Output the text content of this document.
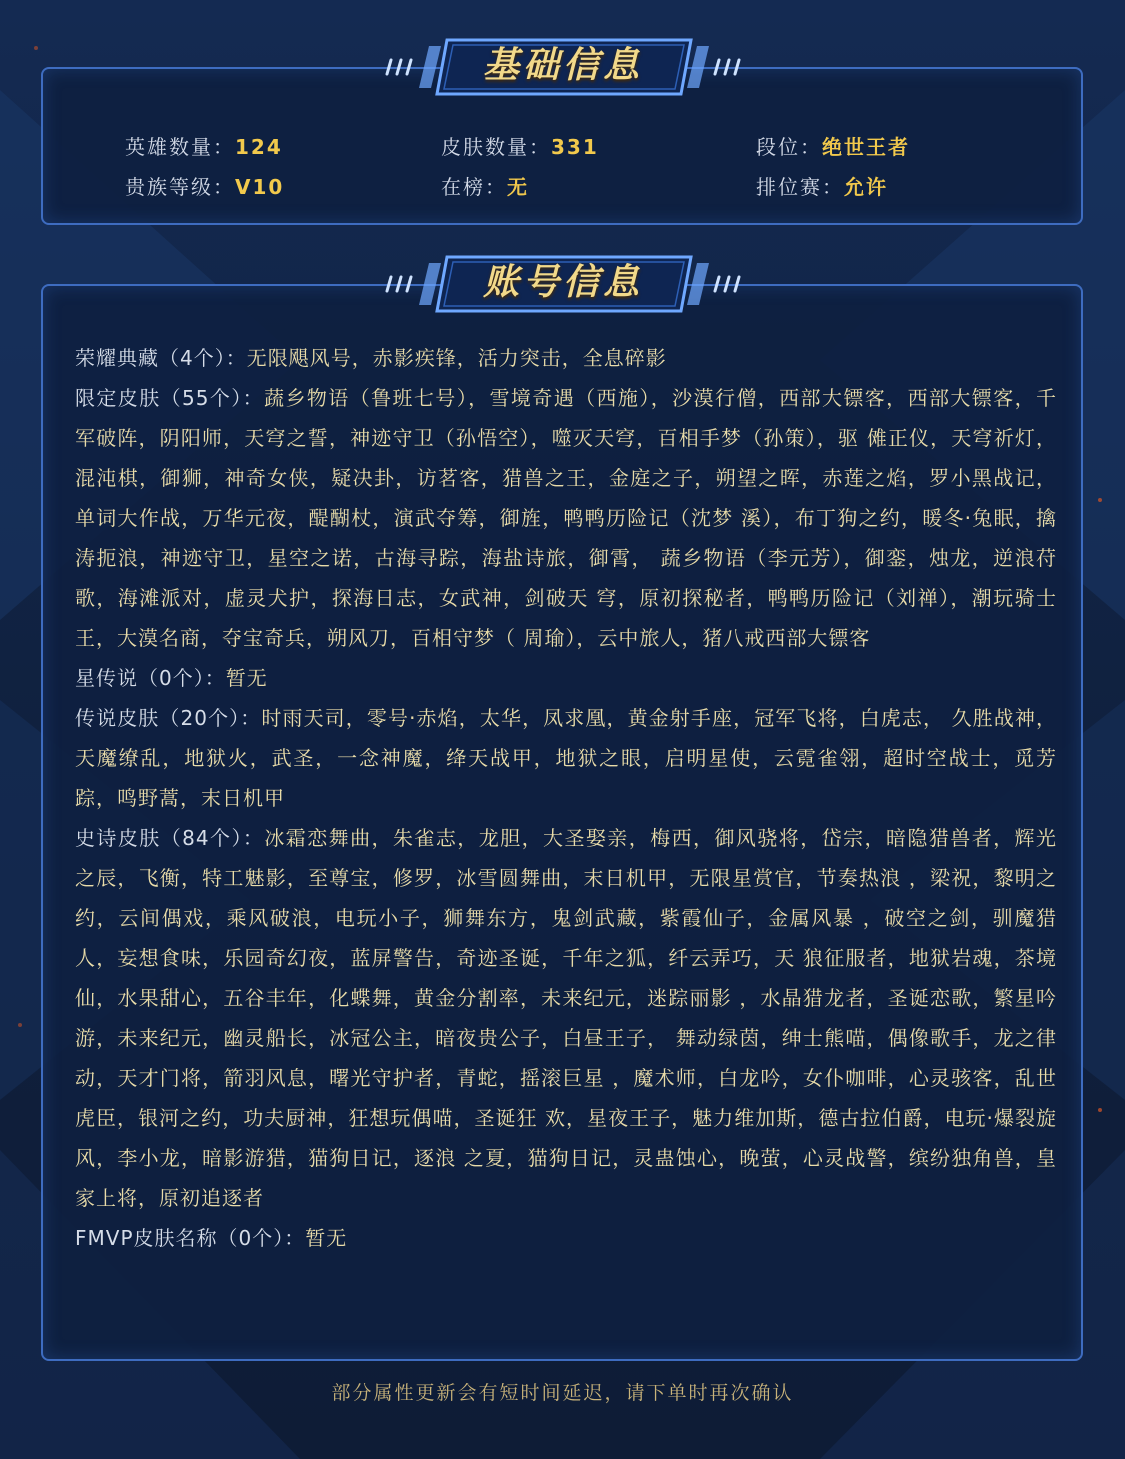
英雄数量：124	皮肤数量：331	段位：绝世王者
贵族等级：V10	在榜：无	排位赛：允许
荣耀典藏（4个）：无限飓风号，赤影疾锋，活力突击，全息碎影
限定皮肤（55个）：蔬乡物语（鲁班七号），雪境奇遇（西施），沙漠行僧，西部大镖客，西部大镖客，千军破阵，阴阳师，天穹之誓，神迹守卫（孙悟空），噬灭天穹，百相手梦（孙策），驱 傩正仪，天穹祈灯，混沌棋，御狮，神奇女侠，疑决卦，访茗客，猎兽之王，金庭之子，朔望之晖，赤莲之焰，罗小黑战记，单词大作战，万华元夜，醍醐杖，演武夺筹，御旌，鸭鸭历险记（沈梦 溪），布丁狗之约，暖冬·兔眠，擒涛扼浪，神迹守卫，星空之诺，古海寻踪，海盐诗旅，御霄， 蔬乡物语（李元芳），御銮，烛龙，逆浪苻歌，海滩派对，虚灵犬护，探海日志，女武神，剑破天 穹，原初探秘者，鸭鸭历险记（刘禅），潮玩骑士王，大漠名商，夺宝奇兵，朔风刀，百相守梦（ 周瑜），云中旅人，猪八戒西部大镖客
星传说（0个）：暂无
传说皮肤（20个）：时雨天司，零号·赤焰，太华，凤求凰，黄金射手座，冠军飞将，白虎志， 久胜战神，天魔缭乱，地狱火，武圣，一念神魔，绛天战甲，地狱之眼，启明星使，云霓雀翎，超时空战士，觅芳踪，鸣野蒿，末日机甲
史诗皮肤（84个）：冰霜恋舞曲，朱雀志，龙胆，大圣娶亲，梅西，御风骁将，岱宗，暗隐猎兽者，辉光之辰，飞衡，特工魅影，至尊宝，修罗，冰雪圆舞曲，末日机甲，无限星赏官，节奏热浪 ，梁祝，黎明之约，云间偶戏，乘风破浪，电玩小子，狮舞东方，鬼剑武藏，紫霞仙子，金属风暴 ，破空之剑，驯魔猎人，妄想食味，乐园奇幻夜，蓝屏警告，奇迹圣诞，千年之狐，纤云弄巧，天 狼征服者，地狱岩魂，茶境仙，水果甜心，五谷丰年，化蝶舞，黄金分割率，未来纪元，迷踪丽影 ，水晶猎龙者，圣诞恋歌，繁星吟游，未来纪元，幽灵船长，冰冠公主，暗夜贵公子，白昼王子， 舞动绿茵，绅士熊喵，偶像歌手，龙之律动，天才门将，箭羽风息，曙光守护者，青蛇，摇滚巨星 ，魔术师，白龙吟，女仆咖啡，心灵骇客，乱世虎臣，银河之约，功夫厨神，狂想玩偶喵，圣诞狂 欢，星夜王子，魅力维加斯，德古拉伯爵，电玩·爆裂旋风，李小龙，暗影游猎，猫狗日记，逐浪 之夏，猫狗日记，灵蛊蚀心，晚萤，心灵战警，缤纷独角兽，皇家上将，原初追逐者
FMVP皮肤名称（0个）：暂无
基础信息
账号信息
部分属性更新会有短时间延迟，请下单时再次确认
